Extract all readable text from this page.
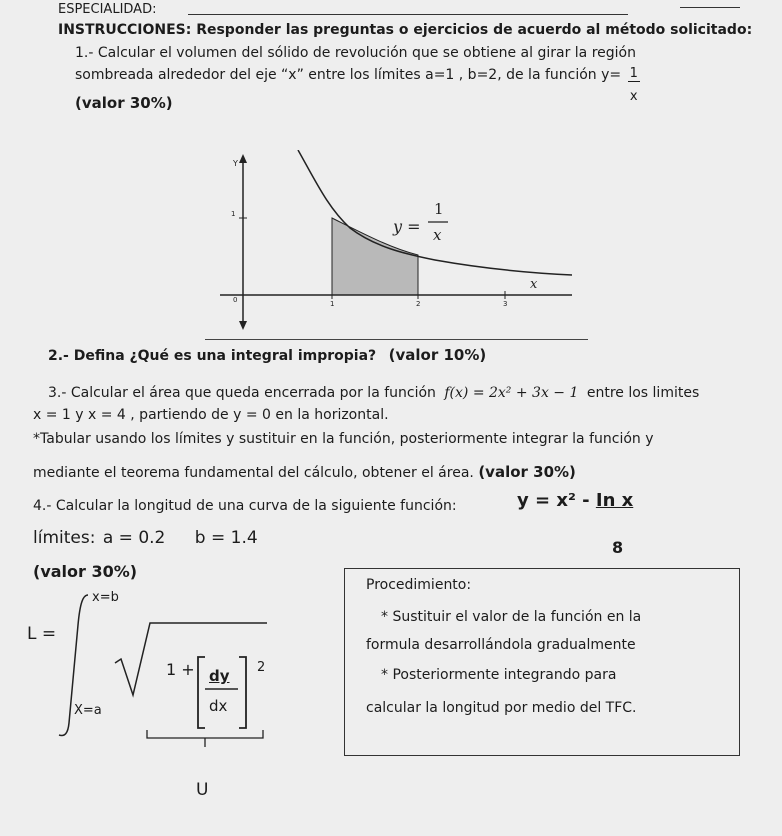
ESPECIALIDAD:
INSTRUCCIONES: Responder las preguntas o ejercicios de acuerdo al método solicitado:
1.- Calcular el volumen del sólido de revolución que se obtiene al girar la región
sombreada alrededor del eje “x” entre los límites a=1 , b=2, de la función $y= \frac{1}{x}$
(valor 30%)
Y
1
0	1	2	3
x
y =
1
x
2.- Defina ¿Qué es una integral impropia? (valor 10%)
3.- Calcular el área que queda encerrada por la función f(x) = 2x² + 3x − 1 entre los limites
x = 1 y x = 4 , partiendo de y = 0 en la horizontal.
*Tabular usando los límites y sustituir en la función, posteriormente integrar la función y
mediante el teorema fundamental del cálculo, obtener el área. (valor 30%)
4.- Calcular la longitud de una curva de la siguiente función:	y = x² - In x
8
límites: a = 0.2 b = 1.4
(valor 30%)
L =
x=b
X=a
1 + dy
dx
2
U
Procedimiento:
* Sustituir el valor de la función en la
formula desarrollándola gradualmente
* Posteriormente integrando para
calcular la longitud por medio del TFC.
